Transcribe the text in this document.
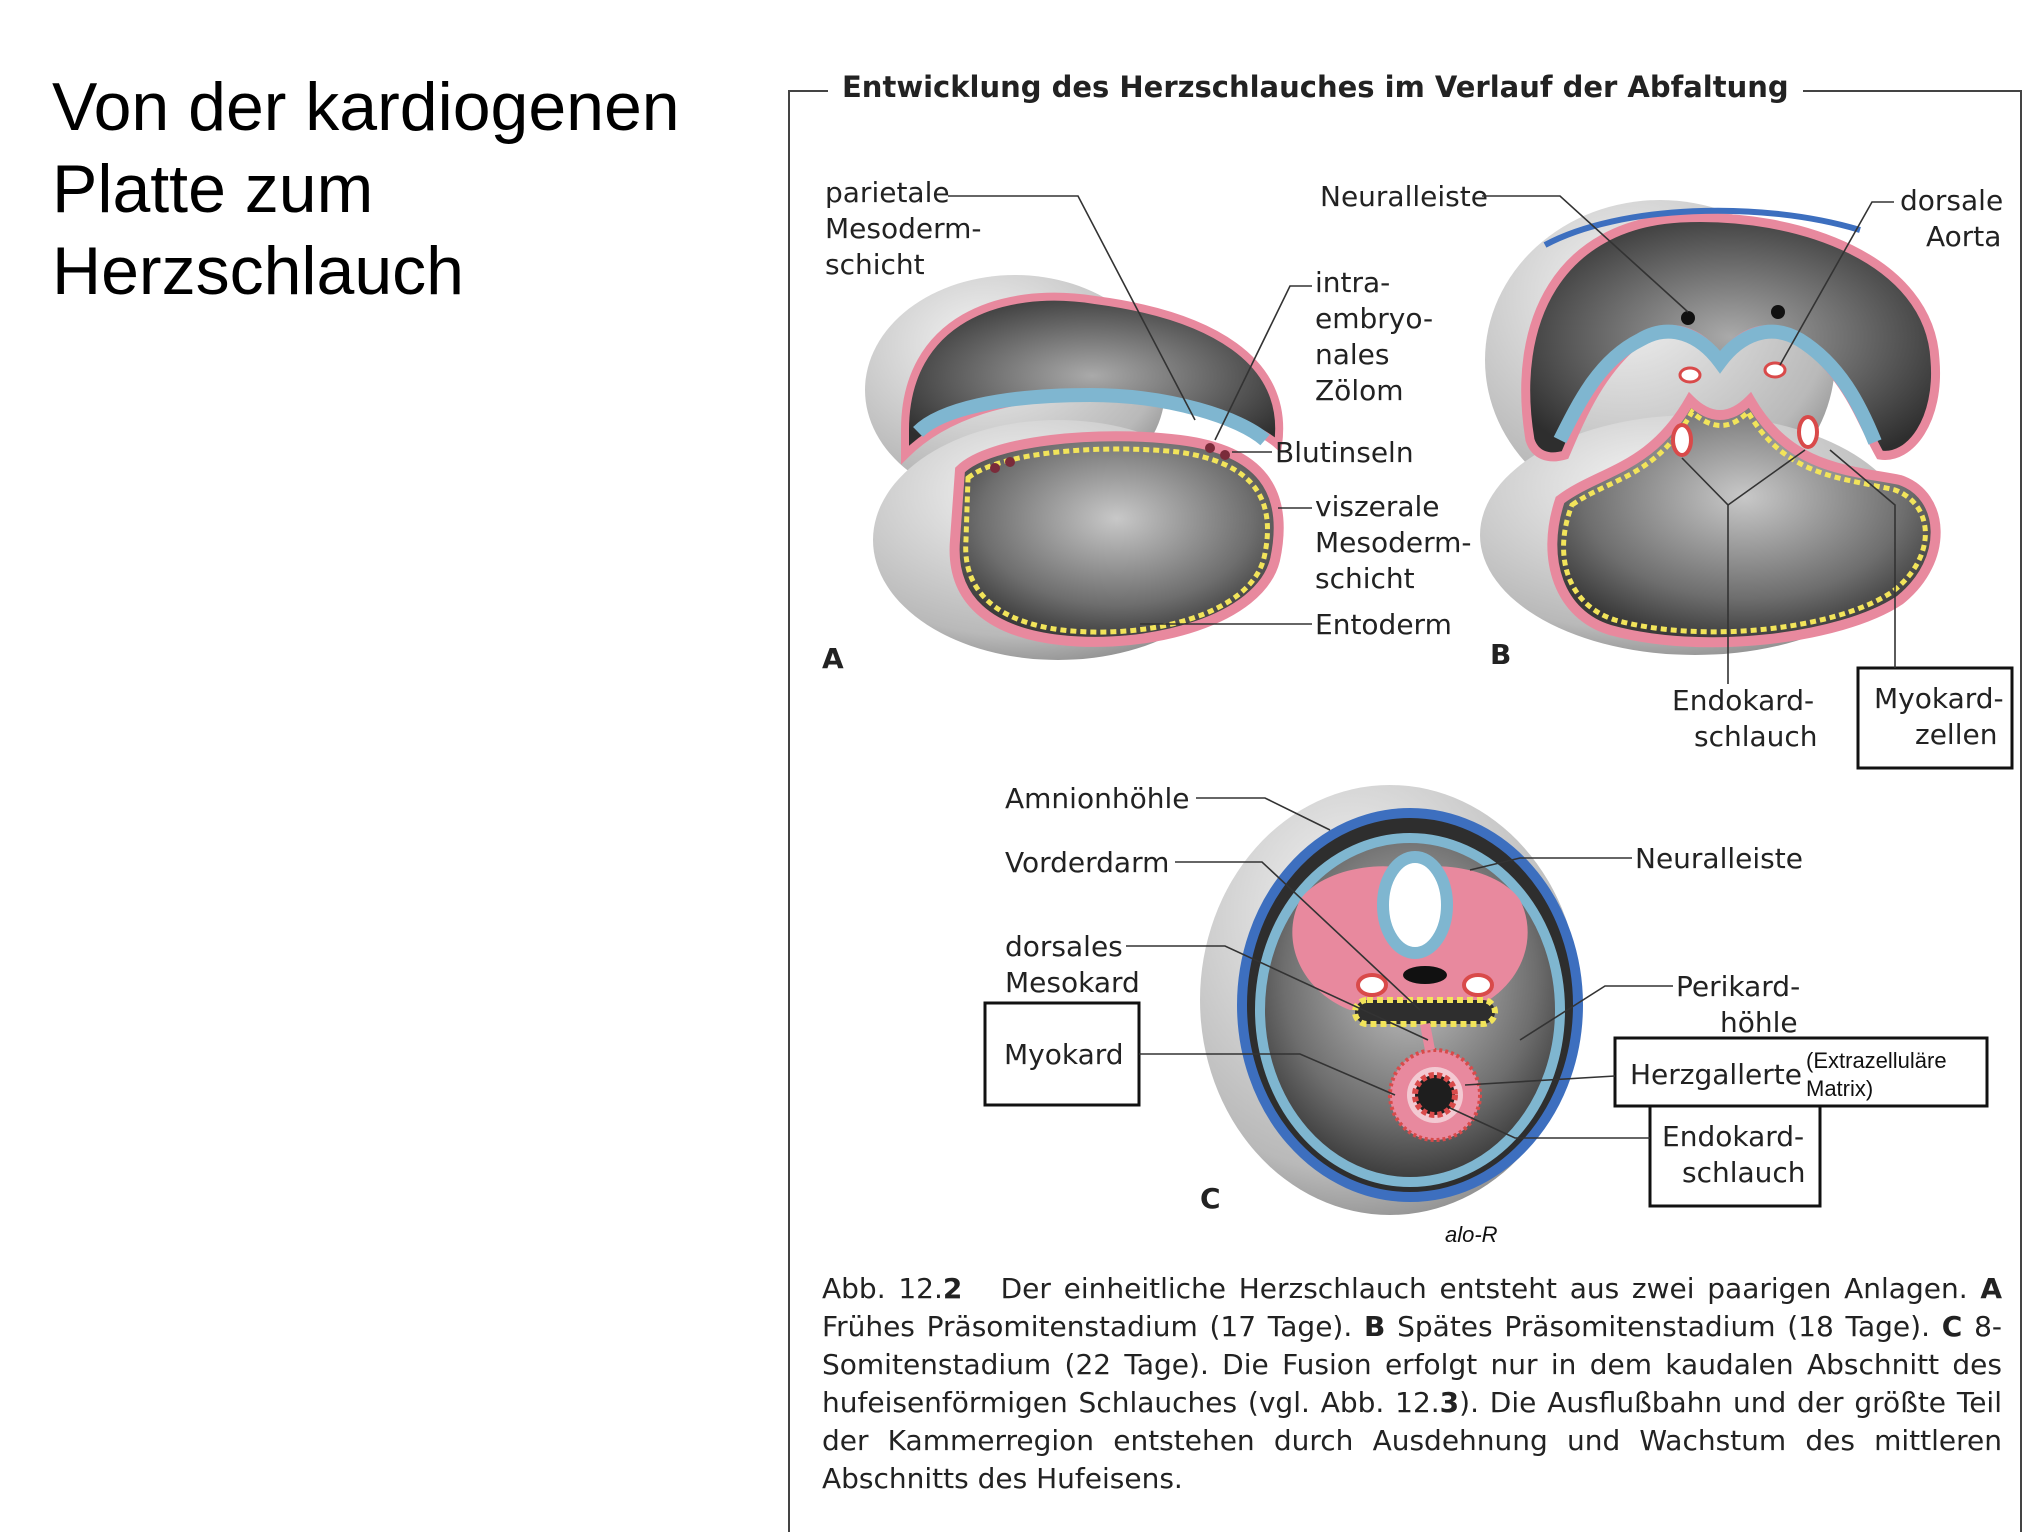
Von der kardiogenen
Platte zum
Herzschlauch
Entwicklung des Herzschlauches im Verlauf der Abfaltung
parietale
Mesoderm-
schicht
intra-
embryo-
nales
Zölom
Blutinseln
viszerale
Mesoderm-
schicht
Entoderm
A
Neuralleiste	dorsale
Aorta
Endokard-
schlauch
Myokard-
zellen
B
Amnionhöhle
Vorderdarm
dorsales
Mesokard
Myokard
Neuralleiste
Perikard-
höhle
Herzgallerte (Extrazelluläre
Matrix)
Endokard-
schlauch
C
alo-R
Abb. 12.2 Der einheitliche Herzschlauch entsteht aus zwei paarigen Anlagen. A Frühes Präsomitenstadium (17 Tage). B Spätes Präsomitenstadium (18 Tage). C 8-Somitenstadium (22 Tage). Die Fusion erfolgt nur in dem kaudalen Abschnitt des hufeisenförmigen Schlauches (vgl. Abb. 12.3). Die Ausflußbahn und der größte Teil der Kammerregion entstehen durch Ausdehnung und Wachstum des mittleren Abschnitts des Hufeisens.
